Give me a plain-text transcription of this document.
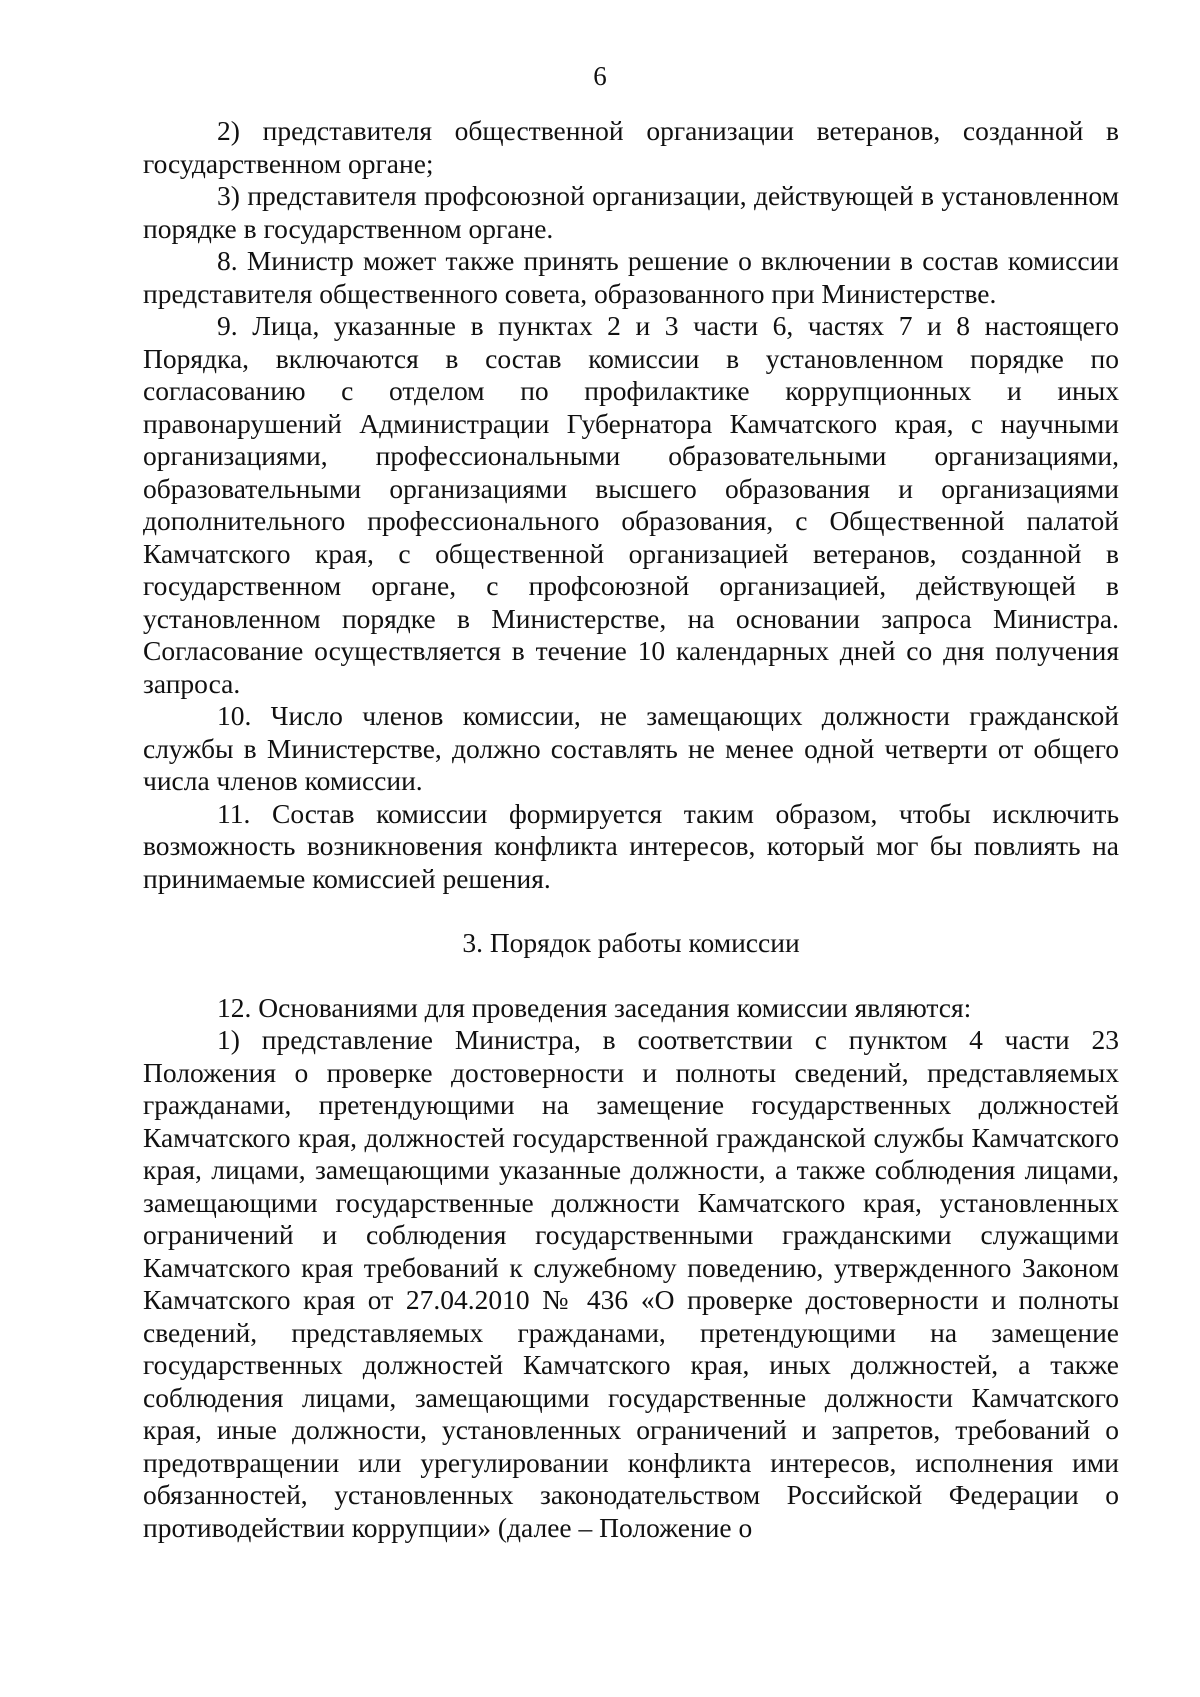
6

2) представителя общественной организации ветеранов, созданной в государственном органе;

3) представителя профсоюзной организации, действующей в установленном порядке в государственном органе.

8. Министр может также принять решение о включении в состав комиссии представителя общественного совета, образованного при Министерстве.

9. Лица, указанные в пунктах 2 и 3 части 6, частях 7 и 8 настоящего Порядка, включаются в состав комиссии в установленном порядке по согласованию с отделом по профилактике коррупционных и иных правонарушений Администрации Губернатора Камчатского края, с научными организациями, профессиональными образовательными организациями, образовательными организациями высшего образования и организациями дополнительного профессионального образования, с Общественной палатой Камчатского края, с общественной организацией ветеранов, созданной в государственном органе, с профсоюзной организацией, действующей в установленном порядке в Министерстве, на основании запроса Министра. Согласование осуществляется в течение 10 календарных дней со дня получения запроса.

10. Число членов комиссии, не замещающих должности гражданской службы в Министерстве, должно составлять не менее одной четверти от общего числа членов комиссии.

11. Состав комиссии формируется таким образом, чтобы исключить возможность возникновения конфликта интересов, который мог бы повлиять на принимаемые комиссией решения.

3. Порядок работы комиссии

12. Основаниями для проведения заседания комиссии являются:

1) представление Министра, в соответствии с пунктом 4 части 23 Положения о проверке достоверности и полноты сведений, представляемых гражданами, претендующими на замещение государственных должностей Камчатского края, должностей государственной гражданской службы Камчатского края, лицами, замещающими указанные должности, а также соблюдения лицами, замещающими государственные должности Камчатского края, установленных ограничений и соблюдения государственными гражданскими служащими Камчатского края требований к служебному поведению, утвержденного Законом Камчатского края от 27.04.2010 № 436 «О проверке достоверности и полноты сведений, представляемых гражданами, претендующими на замещение государственных должностей Камчатского края, иных должностей, а также соблюдения лицами, замещающими государственные должности Камчатского края, иные должности, установленных ограничений и запретов, требований о предотвращении или урегулировании конфликта интересов, исполнения ими обязанностей, установленных законодательством Российской Федерации о противодействии коррупции» (далее – Положение о
